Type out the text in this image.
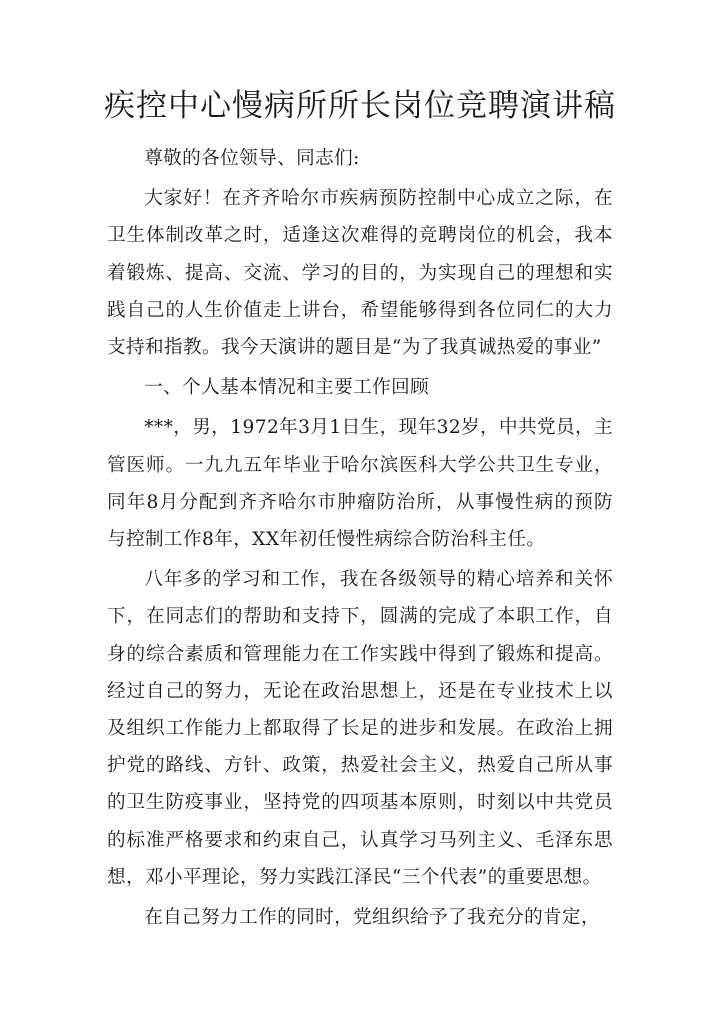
疾控中心慢病所所长岗位竞聘演讲稿

尊敬的各位领导、同志们:

大家好！在齐齐哈尔市疾病预防控制中心成立之际，在卫生体制改革之时，适逢这次难得的竞聘岗位的机会，我本着锻炼、提高、交流、学习的目的，为实现自己的理想和实践自己的人生价值走上讲台，希望能够得到各位同仁的大力支持和指教。我今天演讲的题目是“为了我真诚热爱的事业”

一、个人基本情况和主要工作回顾

***，男，1972年3月1日生，现年32岁，中共党员，主管医师。一九九五年毕业于哈尔滨医科大学公共卫生专业，同年8月分配到齐齐哈尔市肿瘤防治所，从事慢性病的预防与控制工作8年，XX年初任慢性病综合防治科主任。

八年多的学习和工作，我在各级领导的精心培养和关怀下，在同志们的帮助和支持下，圆满的完成了本职工作，自身的综合素质和管理能力在工作实践中得到了锻炼和提高。经过自己的努力，无论在政治思想上，还是在专业技术上以及组织工作能力上都取得了长足的进步和发展。在政治上拥护党的路线、方针、政策，热爱社会主义，热爱自己所从事的卫生防疫事业，坚持党的四项基本原则，时刻以中共党员的标准严格要求和约束自己，认真学习马列主义、毛泽东思想，邓小平理论，努力实践江泽民“三个代表”的重要思想。

在自己努力工作的同时，党组织给予了我充分的肯定，
